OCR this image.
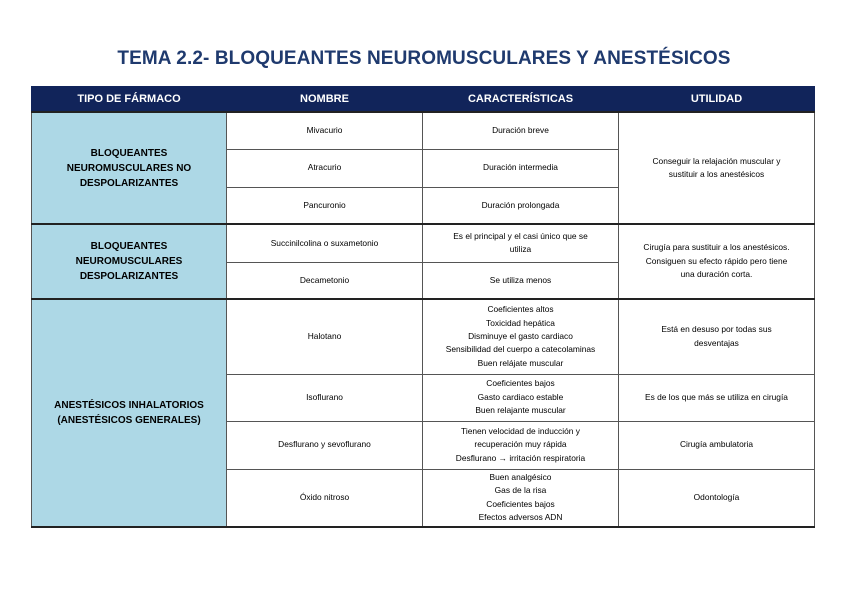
TEMA 2.2- BLOQUEANTES NEUROMUSCULARES Y ANESTÉSICOS
TIPO DE FÁRMACO	NOMBRE	CARACTERÍSTICAS	UTILIDAD

BLOQUEANTES
NEUROMUSCULARES NO
DESPOLARIZANTES	Mivacurio	Duración breve	Conseguir la relajación muscular y
sustituir a los anestésicos

	Atracurio	Duración intermedia	

	Pancuronio	Duración prolongada	

BLOQUEANTES
NEUROMUSCULARES
DESPOLARIZANTES	Succinilcolina o suxametonio	Es el principal y el casi único que se
utiliza	Cirugía para sustituir a los anestésicos.
Consiguen su efecto rápido pero tiene
una duración corta.

	Decametonio	Se utiliza menos	

ANESTÉSICOS INHALATORIOS
(ANESTÉSICOS GENERALES)	Halotano	Coeficientes altos
Toxicidad hepática
Disminuye el gasto cardiaco
Sensibilidad del cuerpo a catecolaminas
Buen relájate muscular	Está en desuso por todas sus
desventajas

	Isoflurano	Coeficientes bajos
Gasto cardiaco estable
Buen relajante muscular	Es de los que más se utiliza en cirugía

	Desflurano y sevoflurano	Tienen velocidad de inducción y
recuperación muy rápida
Desflurano → irritación respiratoria	Cirugía ambulatoria

	Óxido nitroso	Buen analgésico
Gas de la risa
Coeficientes bajos
Efectos adversos ADN	Odontología
